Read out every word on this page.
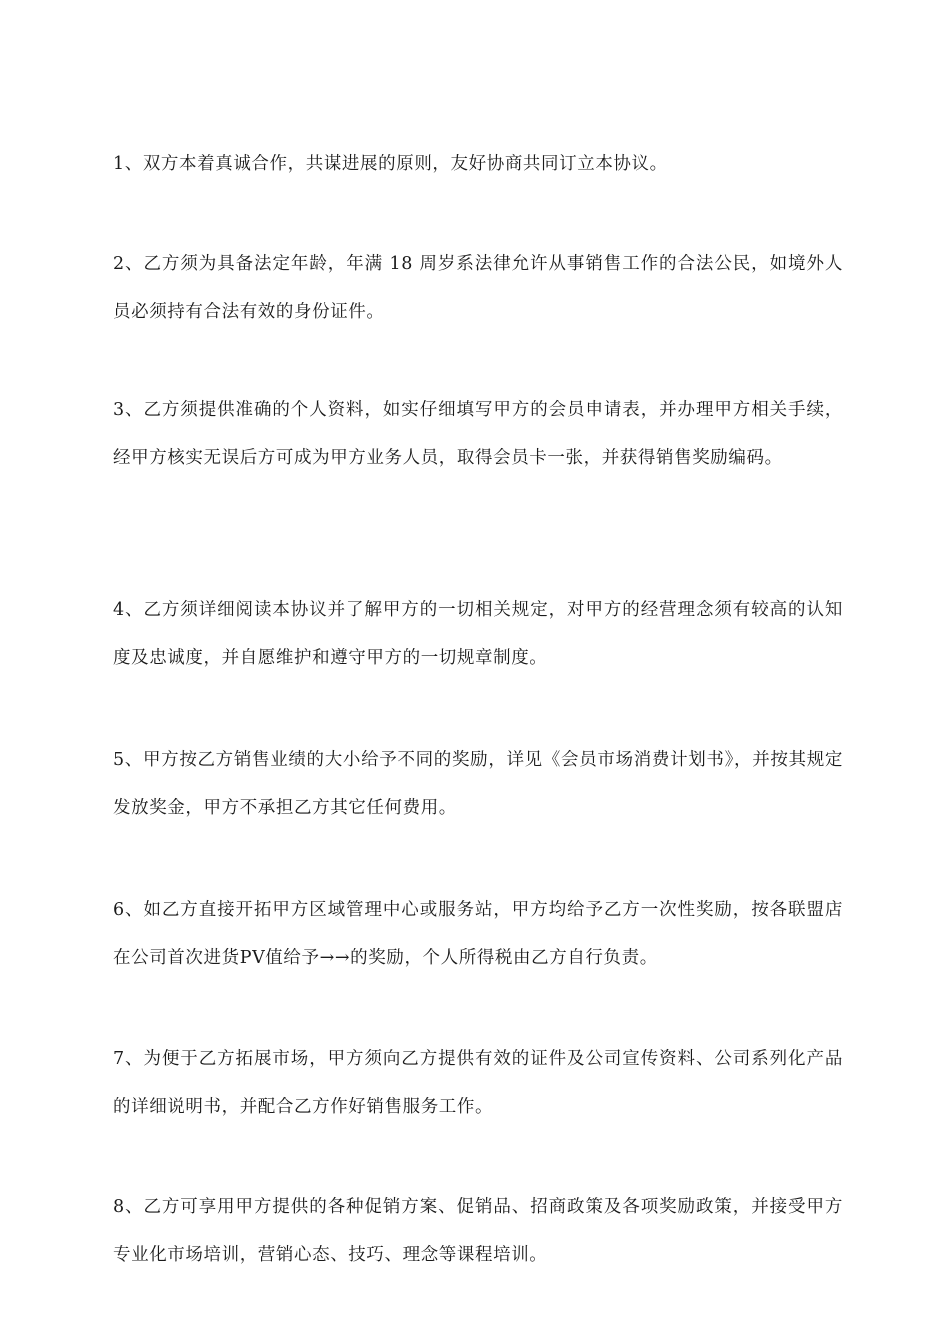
1、双方本着真诚合作，共谋进展的原则，友好协商共同订立本协议。

2、乙方须为具备法定年龄，年满 18 周岁系法律允许从事销售工作的合法公民，如境外人员必须持有合法有效的身份证件。

3、乙方须提供准确的个人资料，如实仔细填写甲方的会员申请表，并办理甲方相关手续，经甲方核实无误后方可成为甲方业务人员，取得会员卡一张，并获得销售奖励编码。

4、乙方须详细阅读本协议并了解甲方的一切相关规定，对甲方的经营理念须有较高的认知度及忠诚度，并自愿维护和遵守甲方的一切规章制度。

5、甲方按乙方销售业绩的大小给予不同的奖励，详见《会员市场消费计划书》，并按其规定发放奖金，甲方不承担乙方其它任何费用。

6、如乙方直接开拓甲方区域管理中心或服务站，甲方均给予乙方一次性奖励，按各联盟店在公司首次进货PV值给予→→的奖励，个人所得税由乙方自行负责。

7、为便于乙方拓展市场，甲方须向乙方提供有效的证件及公司宣传资料、公司系列化产品的详细说明书，并配合乙方作好销售服务工作。

8、乙方可享用甲方提供的各种促销方案、促销品、招商政策及各项奖励政策，并接受甲方专业化市场培训，营销心态、技巧、理念等课程培训。
